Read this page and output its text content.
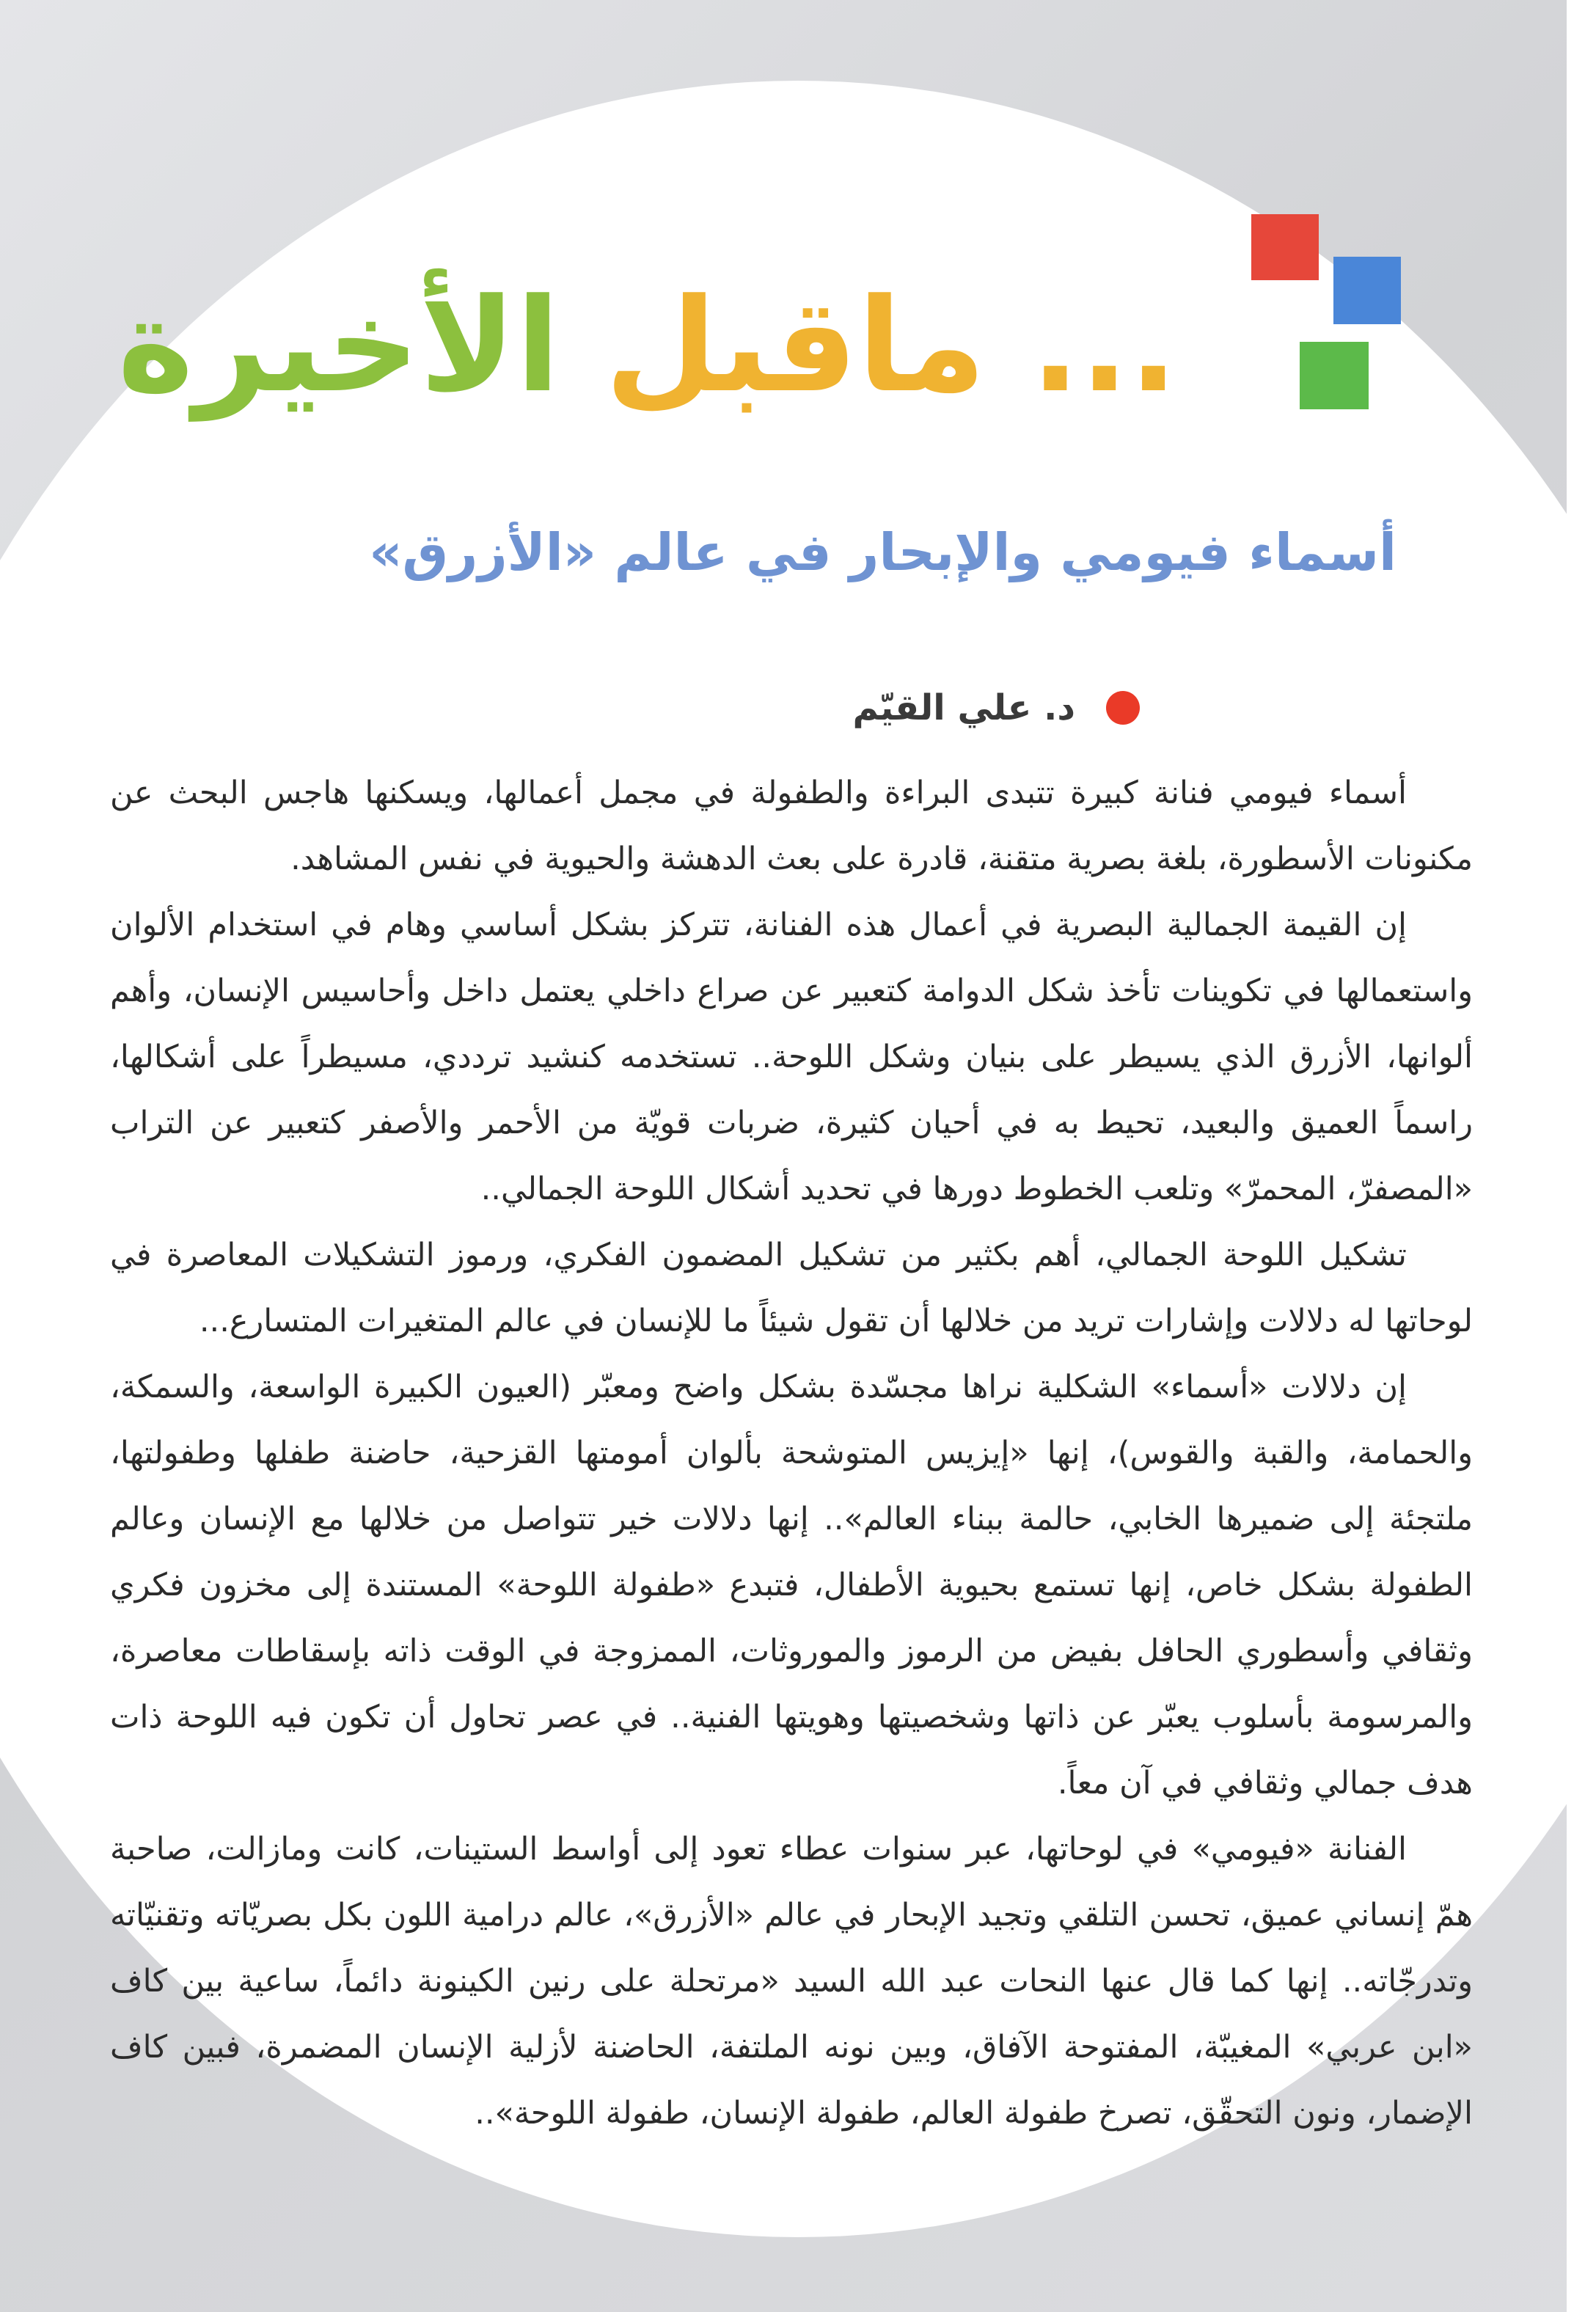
... ماقبل الأخيرة
أسماء فيومي والإبحار في عالم «الأزرق»
د. علي القيّم

أسماء فيومي فنانة كبيرة تتبدى البراءة والطفولة في مجمل أعمالها، ويسكنها هاجس البحث عن مكنونات الأسطورة، بلغة بصرية متقنة، قادرة على بعث الدهشة والحيوية في نفس المشاهد.

إن القيمة الجمالية البصرية في أعمال هذه الفنانة، تتركز بشكل أساسي وهام في استخدام الألوان واستعمالها في تكوينات تأخذ شكل الدوامة كتعبير عن صراع داخلي يعتمل داخل وأحاسيس الإنسان، وأهم ألوانها، الأزرق الذي يسيطر على بنيان وشكل اللوحة.. تستخدمه كنشيد ترددي، مسيطراً على أشكالها، راسماً العميق والبعيد، تحيط به في أحيان كثيرة، ضربات قويّة من الأحمر والأصفر كتعبير عن التراب «المصفرّ، المحمرّ» وتلعب الخطوط دورها في تحديد أشكال اللوحة الجمالي..

تشكيل اللوحة الجمالي، أهم بكثير من تشكيل المضمون الفكري، ورموز التشكيلات المعاصرة في لوحاتها له دلالات وإشارات تريد من خلالها أن تقول شيئاً ما للإنسان في عالم المتغيرات المتسارع...

إن دلالات «أسماء» الشكلية نراها مجسّدة بشكل واضح ومعبّر (العيون الكبيرة الواسعة، والسمكة، والحمامة، والقبة والقوس)، إنها «إيزيس المتوشحة بألوان أمومتها القزحية، حاضنة طفلها وطفولتها، ملتجئة إلى ضميرها الخابي، حالمة ببناء العالم».. إنها دلالات خير تتواصل من خلالها مع الإنسان وعالم الطفولة بشكل خاص، إنها تستمع بحيوية الأطفال، فتبدع «طفولة اللوحة» المستندة إلى مخزون فكري وثقافي وأسطوري الحافل بفيض من الرموز والموروثات، الممزوجة في الوقت ذاته بإسقاطات معاصرة، والمرسومة بأسلوب يعبّر عن ذاتها وشخصيتها وهويتها الفنية.. في عصر تحاول أن تكون فيه اللوحة ذات هدف جمالي وثقافي في آن معاً.

الفنانة «فيومي» في لوحاتها، عبر سنوات عطاء تعود إلى أواسط الستينات، كانت ومازالت، صاحبة همّ إنساني عميق، تحسن التلقي وتجيد الإبحار في عالم «الأزرق»، عالم درامية اللون بكل بصريّاته وتقنيّاته وتدرجّاته.. إنها كما قال عنها النحات عبد الله السيد «مرتحلة على رنين الكينونة دائماً، ساعية بين كاف «ابن عربي» المغيبّة، المفتوحة الآفاق، وبين نونه الملتفة، الحاضنة لأزلية الإنسان المضمرة، فبين كاف الإضمار، ونون التحقّق، تصرخ طفولة العالم، طفولة الإنسان، طفولة اللوحة»..
